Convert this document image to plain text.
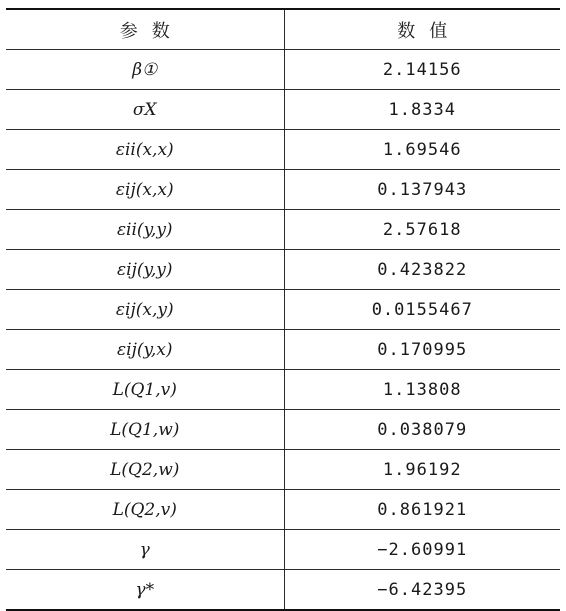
参数	数值
β①	2.14156
σX	1.8334
εii(x,x)	1.69546
εij(x,x)	0.137943
εii(y,y)	2.57618
εij(y,y)	0.423822
εij(x,y)	0.0155467
εij(y,x)	0.170995
L(Q1,v)	1.13808
L(Q1,w)	0.038079
L(Q2,w)	1.96192
L(Q2,v)	0.861921
γ	−2.60991
γ*	−6.42395
